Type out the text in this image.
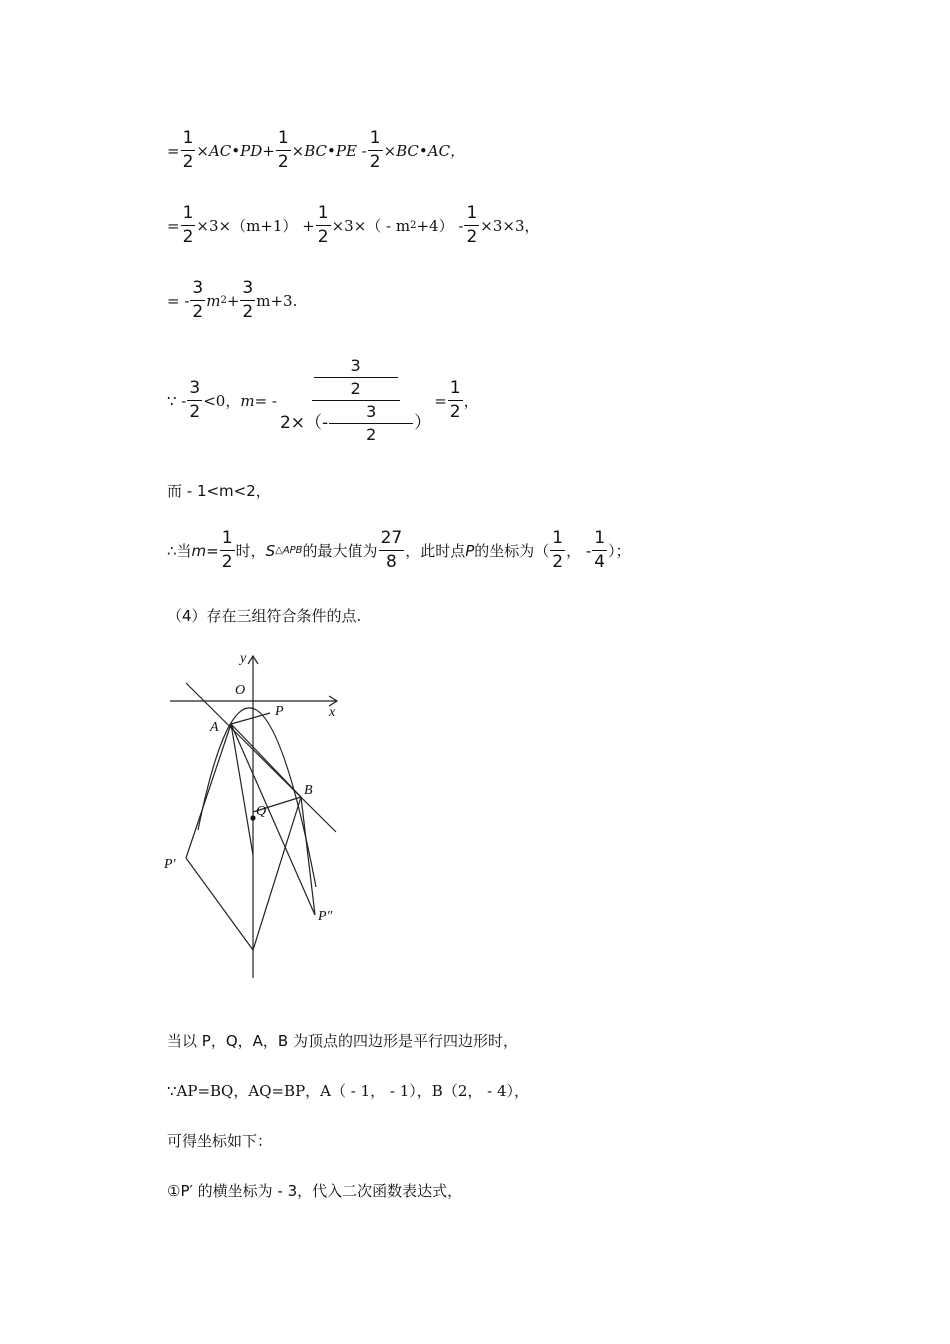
= $\frac{1}{2}$ ×AC•PD+ $\frac{1}{2}$ ×BC•PE - $\frac{1}{2}$ ×BC•AC，
= $\frac{1}{2} \times 3\times(m+1) + \frac{1}{2} \times 3\times( - m$ $2 +4) - \frac{1}{2} \times 3\times 3$，
= - $\frac{3}{2}$ m $2 + \frac{3}{2} m+3$.
∵ - $\frac{3}{2} <0$， $m= - \frac{\frac{3}{2}}{2\times(- \frac{3}{2} )} = \frac{1}{2}$ ，
而 - 1<m<2，
∴当 $m = \frac{1}{2}$ 时， S △APB 的最大值为 $\frac{27}{8}$ ，此时点 P 的坐标为（ $\frac{1}{2}$ ， - $\frac{1}{4}$ ）；
（4）存在三组符合条件的点.
y
x
O
P
A
B
Q
P′
P″
当以 P，Q，A，B 为顶点的四边形是平行四边形时，
∵AP=BQ，AQ=BP，A（ - 1， - 1），B（2， - 4），
可得坐标如下：
①P′ 的横坐标为 - 3，代入二次函数表达式，
